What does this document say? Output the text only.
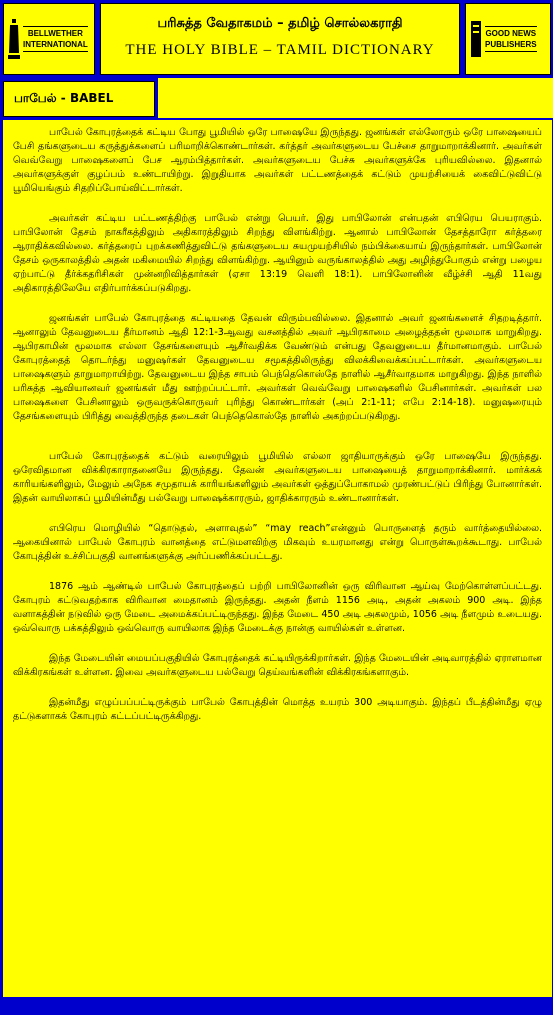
BELLWETHER
INTERNATIONAL
பரிசுத்த வேதாகமம் – தமிழ் சொல்லகராதி
THE HOLY BIBLE – TAMIL DICTIONARY
GOOD NEWS
PUBLISHERS
பாபேல் - BABEL

பாபேல் கோபுரத்தைக் கட்டிய போது பூமியில் ஒரே பாஷையே இருந்தது. ஜனங்கள் எல்லோரும் ஒரே பாஷையைப் பேசி தங்களுடைய கருத்துக்களைப் பரிமாறிக்கொண்டார்கள். கர்த்தர் அவர்களுடைய பேச்சை தாறுமாறாக்கினார். அவர்கள் வெவ்வேறு பாஷைகளைப் பேச ஆரம்பித்தார்கள். அவர்களுடைய பேச்சு அவர்களுக்கே புரியவில்லை. இதனால் அவர்களுக்குள் குழப்பம் உண்டாயிற்று. இறுதியாக அவர்கள் பட்டணத்தைக் கட்டும் முயற்சியைக் கைவிட்டுவிட்டு பூமியெங்கும் சிதறிப்போய்விட்டார்கள்.

அவர்கள் கட்டிய பட்டணத்திற்கு பாபேல் என்று பெயர். இது பாபிலோன் என்பதன் எபிரெய பெயராகும். பாபிலோன் தேசம் நாகரீகத்திலும் அதிகாரத்திலும் சிறந்து விளங்கிற்று. ஆனால் பாபிலோன் தேசத்தாரோ கர்த்தரை ஆராதிக்கவில்லை. கர்த்தரைப் புறக்கணித்துவிட்டு தங்களுடைய சுயமுயற்சியில் நம்பிக்கையாய் இருந்தார்கள். பாபிலோன் தேசம் ஒருகாலத்தில் அதன் மகிமையில் சிறந்து விளங்கிற்று. ஆயினும் வருங்காலத்தில் அது அழிந்துபோகும் என்று பழைய ஏற்பாட்டு தீர்க்கதரிசிகள் முன்னறிவித்தார்கள் (ஏசா 13:19 வெளி 18:1). பாபிலோனின் வீழ்ச்சி ஆதி 11வது அதிகாரத்திலேயே எதிர்பார்க்கப்படுகிறது.

ஜனங்கள் பாபேல் கோபுரத்தை கட்டியதை தேவன் விரும்பவில்லை. இதனால் அவர் ஜனங்களைச் சிதறடித்தார். ஆனாலும் தேவனுடைய தீர்மானம் ஆதி 12:1-3ஆவது வசனத்தில் அவர் ஆபிரகாமை அழைத்ததன் மூலமாக மாறுகிறது. ஆபிரகாமின் மூலமாக எல்லா தேசங்களையும் ஆசீர்வதிக்க வேண்டும் என்பது தேவனுடைய தீர்மானமாகும். பாபேல் கோபுரத்தைத் தொடர்ந்து மனுஷர்கள் தேவனுடைய சமூகத்திலிருந்து விலக்கிவைக்கப்பட்டார்கள். அவர்களுடைய பாஷைகளும் தாறுமாறாயிற்று. தேவனுடைய இந்த சாபம் பெந்தெகொஸ்தே நாளில் ஆசீர்வாதமாக மாறுகிறது. இந்த நாளில் பரிசுத்த ஆவியானவர் ஜனங்கள் மீது ஊற்றப்பட்டார். அவர்கள் வெவ்வேறு பாஷைகளில் பேசினார்கள். அவர்கள் பல பாஷைகளை பேசினாலும் ஒருவருக்கொருவர் புரிந்து கொண்டார்கள் (அப் 2:1-11; எபே 2:14-18). மனுஷரையும் தேசங்களையும் பிரித்து வைத்திருந்த தடைகள் பெந்தெகொஸ்தே நாளில் அகற்றப்படுகிறது.

பாபேல் கோபுரத்தைக் கட்டும் வரையிலும் பூமியில் எல்லா ஜாதியாருக்கும் ஒரே பாஷையே இருந்தது. ஒரேவிதமான விக்கிரகாராதனையே இருந்தது. தேவன் அவர்களுடைய பாஷையைத் தாறுமாறாக்கினார். மார்க்கக் காரியங்களிலும், மேலும் அநேக சமுதாயக் காரியங்களிலும் அவர்கள் ஒத்துப்போகாமல் முரண்பட்டுப் பிரிந்து போனார்கள். இதன் வாயிலாகப் பூமியின்மீது பல்வேறு பாஷைக்காரரும், ஜாதிக்காரரும் உண்டானார்கள்.

எபிரெய மொழியில் “தொடுதல், அளாவுதல்” “may reach”என்னும் பொருளைத் தரும் வார்த்தையில்லை. ஆகையினால் பாபேல் கோபுரம் வானத்தை எட்டுமளவிற்கு மிகவும் உயரமானது என்று பொருள்கூறக்கூடாது. பாபேல் கோபுத்தின் உச்சிப்பகுதி வானங்களுக்கு அர்ப்பணிக்கப்பட்டது.

1876 ஆம் ஆண்டில் பாபேல் கோபுரத்தைப் பற்றி பாபிலோனின் ஒரு விரிவான ஆய்வு மேற்கொள்ளப்பட்டது. கோபுரம் கட்டுவதற்காக விரிவான மைதானம் இருந்தது. அதன் நீளம் 1156 அடி, அதன் அகலம் 900 அடி. இந்த வளாகத்தின் நடுவில் ஒரு மேடை அமைக்கப்பட்டிருந்தது. இந்த மேடை 450 அடி அகலமும், 1056 அடி நீளமும் உடையது. ஒவ்வொரு பக்கத்திலும் ஒவ்வொரு வாயிலாக இந்த மேடைக்கு நான்கு வாயில்கள் உள்ளன.

இந்த மேடையின் மையப்பகுதியில் கோபுரத்தைக் கட்டியிருக்கிறார்கள். இந்த மேடையின் அடிவாரத்தில் ஏராளமான விக்கிரகங்கள் உள்ளன. இவை அவர்களுடைய பல்வேறு தெய்வங்களின் விக்கிரகங்களாகும்.

இதன்மீது எழுப்பப்பட்டிருக்கும் பாபேல் கோபுத்தின் மொத்த உயரம் 300 அடியாகும். இந்தப் பீடத்தின்மீது ஏழு தட்டுகளாகக் கோபுரம் கட்டப்பட்டிருக்கிறது.
